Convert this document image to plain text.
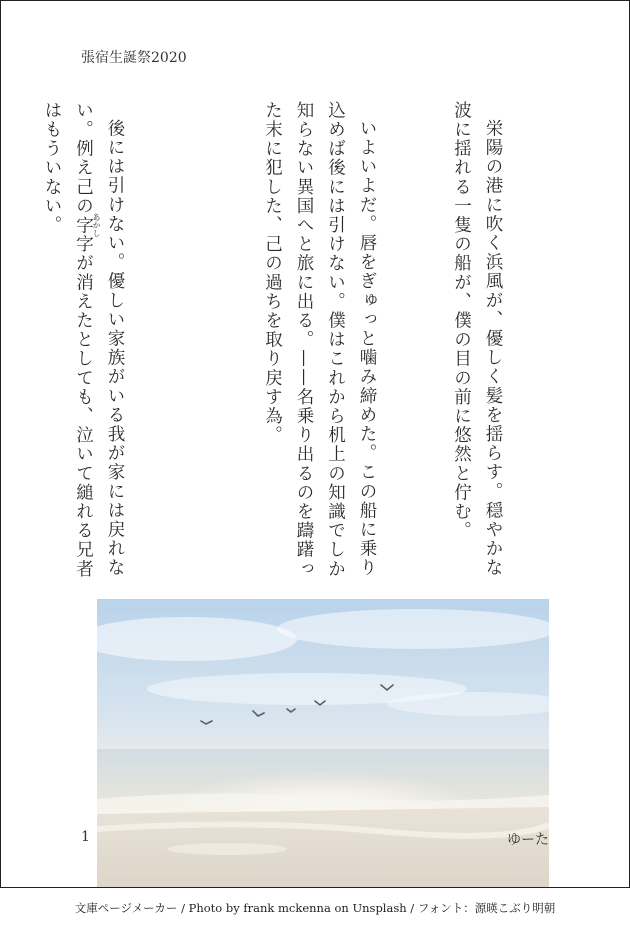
張宿生誕祭2020

栄陽の港に吹く浜風が、優しく髪を揺らす。穏やかな波に揺れる一隻の船が、僕の目の前に悠然と佇む。

いよいよだ。唇をぎゅっと噛み締めた。この船に乗り込めば後には引けない。僕はこれから机上の知識でしか知らない異国へと旅に出る。——名乗り出るのを躊躇った末に犯した、己の過ちを取り戻す為。

後には引けない。優しい家族がいる我が家には戻れない。例え己の字あかし字が消えたとしても、泣いて縋れる兄者はもういない。

1	ゆーた
文庫ページメーカー / Photo by frank mckenna on Unsplash / フォント：源暎こぶり明朝
